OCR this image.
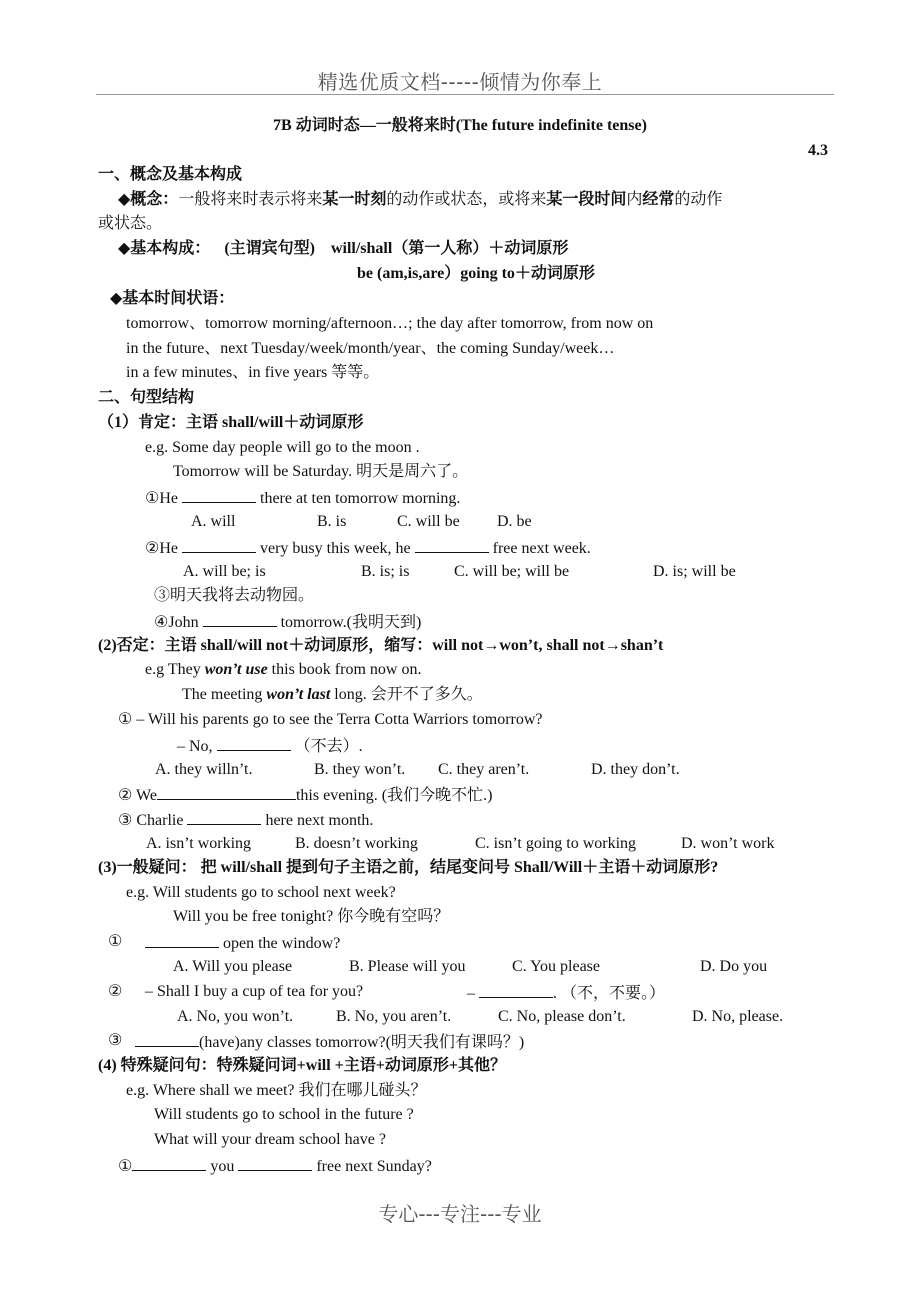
精选优质文档-----倾情为你奉上
7B 动词时态—一般将来时(The future indefinite tense)
4.3
一、概念及基本构成
◆概念：一般将来时表示将来某一时刻的动作或状态，或将来某一段时间内经常的动作
或状态。
◆基本构成： (主谓宾句型)　will/shall（第一人称）＋动词原形
be (am,is,are）going to＋动词原形
◆基本时间状语：
tomorrow、tomorrow morning/afternoon…; the day after tomorrow, from now on
in the future、next Tuesday/week/month/year、the coming Sunday/week…
in a few minutes、in five years 等等。
二、句型结构
（1）肯定：主语 shall/will＋动词原形
e.g. Some day people will go to the moon .
Tomorrow will be Saturday. 明天是周六了。
①He	there at ten tomorrow morning.
A. will	B. is	C. will be D. be
②He	very busy this week, he	free next week.
A. will be; is	B. is; is	C. will be; will be	D. is; will be
③明天我将去动物园。
④John	tomorrow.(我明天到)
(2)否定：主语 shall/will not＋动词原形，缩写：will not→won’t, shall not→shan’t
e.g They won’t use this book from now on.
The meeting won’t last long. 会开不了多久。
① – Will his parents go to see the Terra Cotta Warriors tomorrow?
– No,	（不去）.
A. they willn’t.	B. they won’t. C. they aren’t.	D. they don’t.
② We	this evening. (我们今晚不忙.)
③ Charlie	here next month.
A. isn’t working	B. doesn’t working	C. isn’t going to working	D. won’t work
(3)一般疑问： 把 will/shall 提到句子主语之前，结尾变问号 Shall/Will＋主语＋动词原形?
e.g. Will students go to school next week?
Will you be free tonight? 你今晚有空吗？
①	open the window?
A. Will you please	B. Please will you	C. You please	D. Do you
② – Shall I buy a cup of tea for you?	–	. （不，不要。）
A. No, you won’t.	B. No, you aren’t.	C. No, please don’t.	D. No, please.
③	(have)any classes tomorrow?(明天我们有课吗？)
(4) 特殊疑问句：特殊疑问词+will +主语+动词原形+其他？
e.g. Where shall we meet? 我们在哪儿碰头？
Will students go to school in the future ?
What will your dream school have ?
①	you	free next Sunday?
专心---专注---专业
